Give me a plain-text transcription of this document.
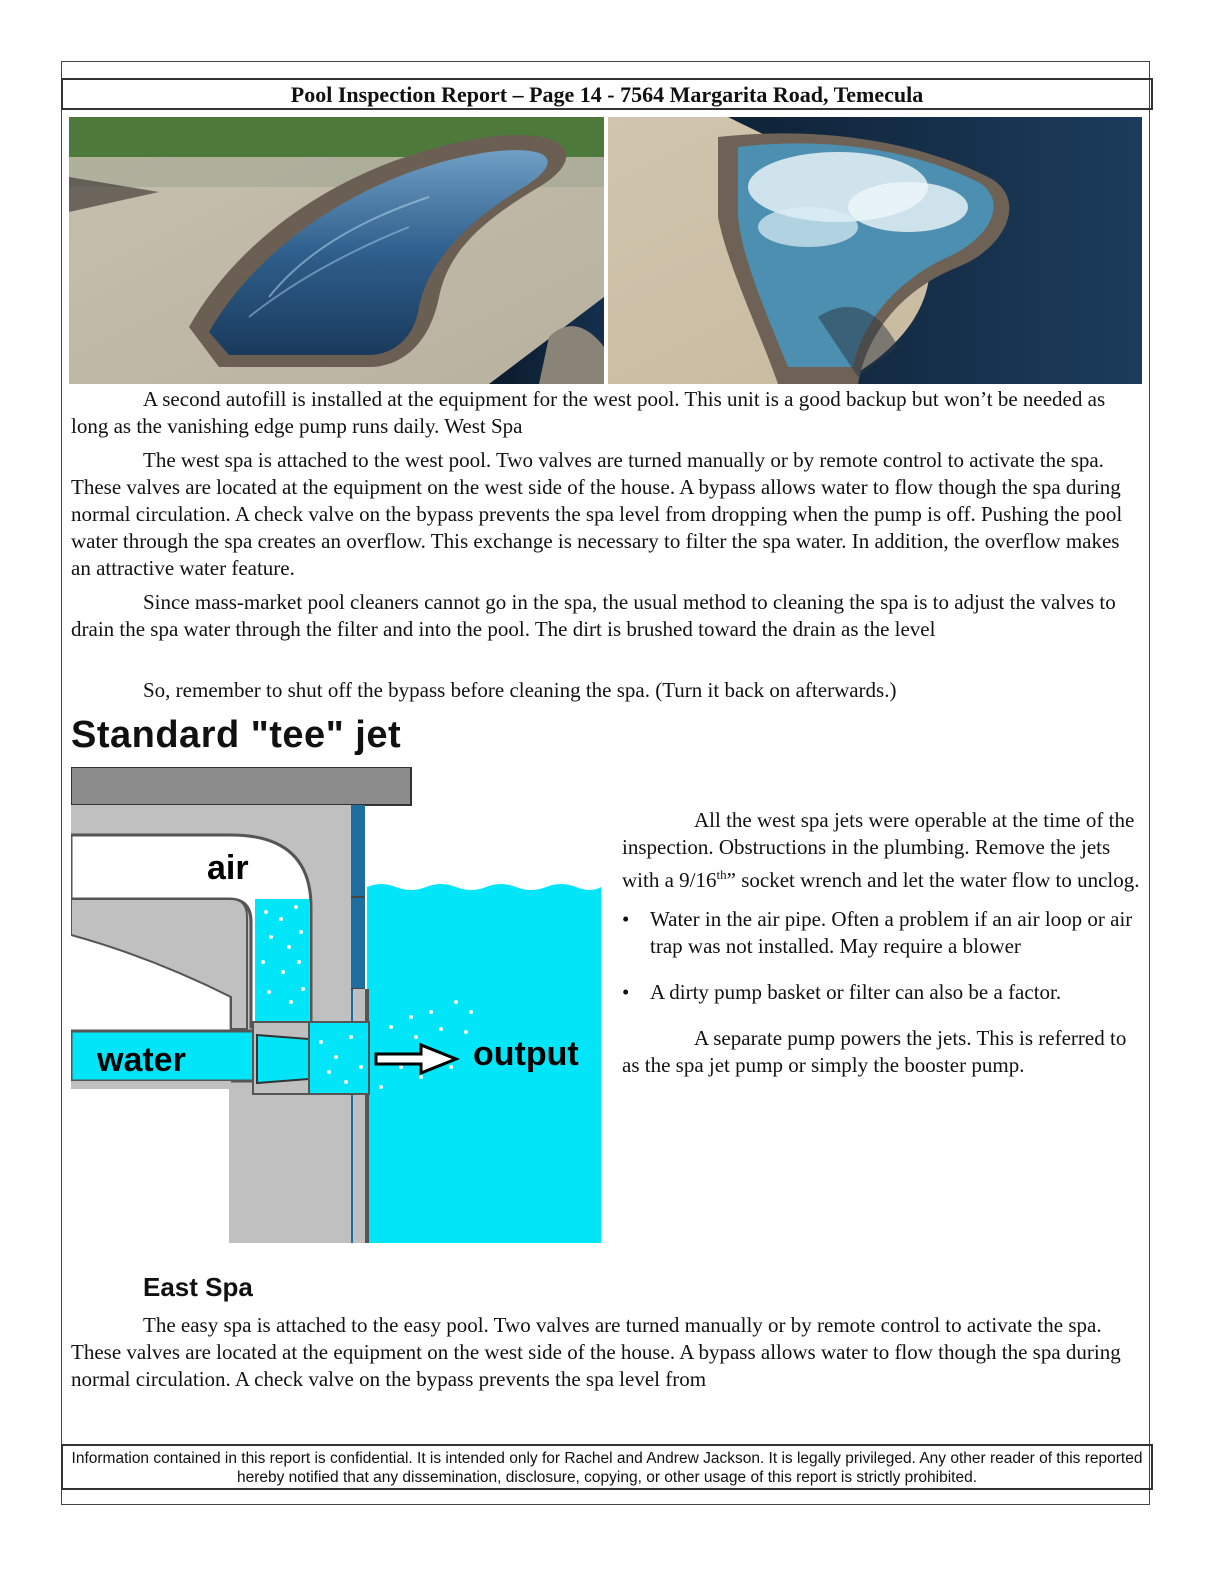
Pool Inspection Report – Page 14 - 7564 Margarita Road, Temecula

A second autofill is installed at the equipment for the west pool. This unit is a good backup but won’t be needed as long as the vanishing edge pump runs daily. West Spa

The west spa is attached to the west pool. Two valves are turned manually or by remote control to activate the spa. These valves are located at the equipment on the west side of the house. A bypass allows water to flow though the spa during normal circulation. A check valve on the bypass prevents the spa level from dropping when the pump is off. Pushing the pool water through the spa creates an overflow. This exchange is necessary to filter the spa water. In addition, the overflow makes an attractive water feature.

Since mass-market pool cleaners cannot go in the spa, the usual method to cleaning the spa is to adjust the valves to drain the spa water through the filter and into the pool. The dirt is brushed toward the drain as the level

So, remember to shut off the bypass before cleaning the spa. (Turn it back on afterwards.)

Standard "tee" jet
air
water	output

All the west spa jets were operable at the time of the inspection. Obstructions in the plumbing. Remove the jets with a 9/16th” socket wrench and let the water flow to unclog.

• Water in the air pipe. Often a problem if an air loop or air trap was not installed. May require a blower
• A dirty pump basket or filter can also be a factor.

A separate pump powers the jets. This is referred to as the spa jet pump or simply the booster pump.

East Spa

The easy spa is attached to the easy pool. Two valves are turned manually or by remote control to activate the spa. These valves are located at the equipment on the west side of the house. A bypass allows water to flow though the spa during normal circulation. A check valve on the bypass prevents the spa level from

Information contained in this report is confidential. It is intended only for Rachel and Andrew Jackson. It is legally privileged. Any other reader of this reported hereby notified that any dissemination, disclosure, copying, or other usage of this report is strictly prohibited.
